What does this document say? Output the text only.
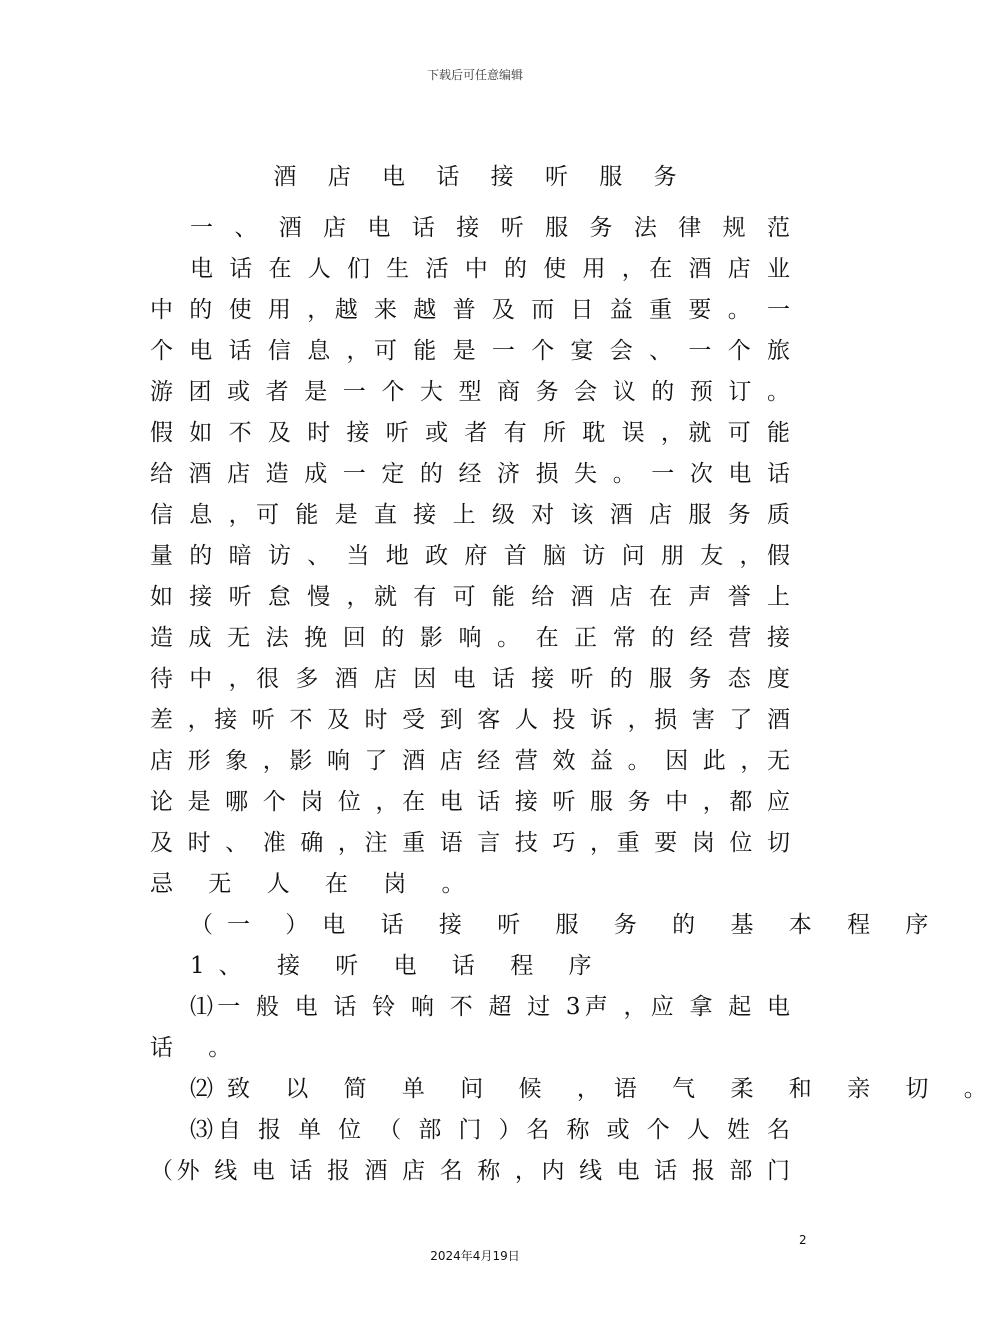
下载后可任意编辑
酒 店 电 话 接 听 服 务
一 、 酒 店 电 话 接 听 服 务 法 律 规 范
电 话 在 人 们 生 活 中 的 使 用 ，在 酒 店 业
中 的 使 用 ，越 来 越 普 及 而 日 益 重 要 。 一
个 电 话 信 息 ，可 能 是 一 个 宴 会 、 一 个 旅
游 团 或 者 是 一 个 大 型 商 务 会 议 的 预 订 。
假 如 不 及 时 接 听 或 者 有 所 耽 误 ，就 可 能
给 酒 店 造 成 一 定 的 经 济 损 失 。 一 次 电 话
信 息 ，可 能 是 直 接 上 级 对 该 酒 店 服 务 质
量 的 暗 访 、 当 地 政 府 首 脑 访 问 朋 友 ，假
如 接 听 怠 慢 ，就 有 可 能 给 酒 店 在 声 誉 上
造 成 无 法 挽 回 的 影 响 。 在 正 常 的 经 营 接
待 中 ，很 多 酒 店 因 电 话 接 听 的 服 务 态 度
差 ，接 听 不 及 时 受 到 客 人 投 诉 ，损 害 了 酒
店 形 象 ，影 响 了 酒 店 经 营 效 益 。 因 此 ，无
论 是 哪 个 岗 位 ，在 电 话 接 听 服 务 中 ，都 应
及 时 、 准 确 ，注 重 语 言 技 巧 ，重 要 岗 位 切
忌 无 人 在 岗 。
（一 ）电 话 接 听 服 务 的 基 本 程 序
1、 接 听 电 话 程 序
⑴一 般 电 话 铃 响 不 超 过 3声 ，应 拿 起 电
话 。
⑵致 以 简 单 问 候 ，语 气 柔 和 亲 切 。
⑶自 报 单 位 （ 部 门 ）名 称 或 个 人 姓 名
（外 线 电 话 报 酒 店 名 称 ，内 线 电 话 报 部 门
2
2024年4月19日
